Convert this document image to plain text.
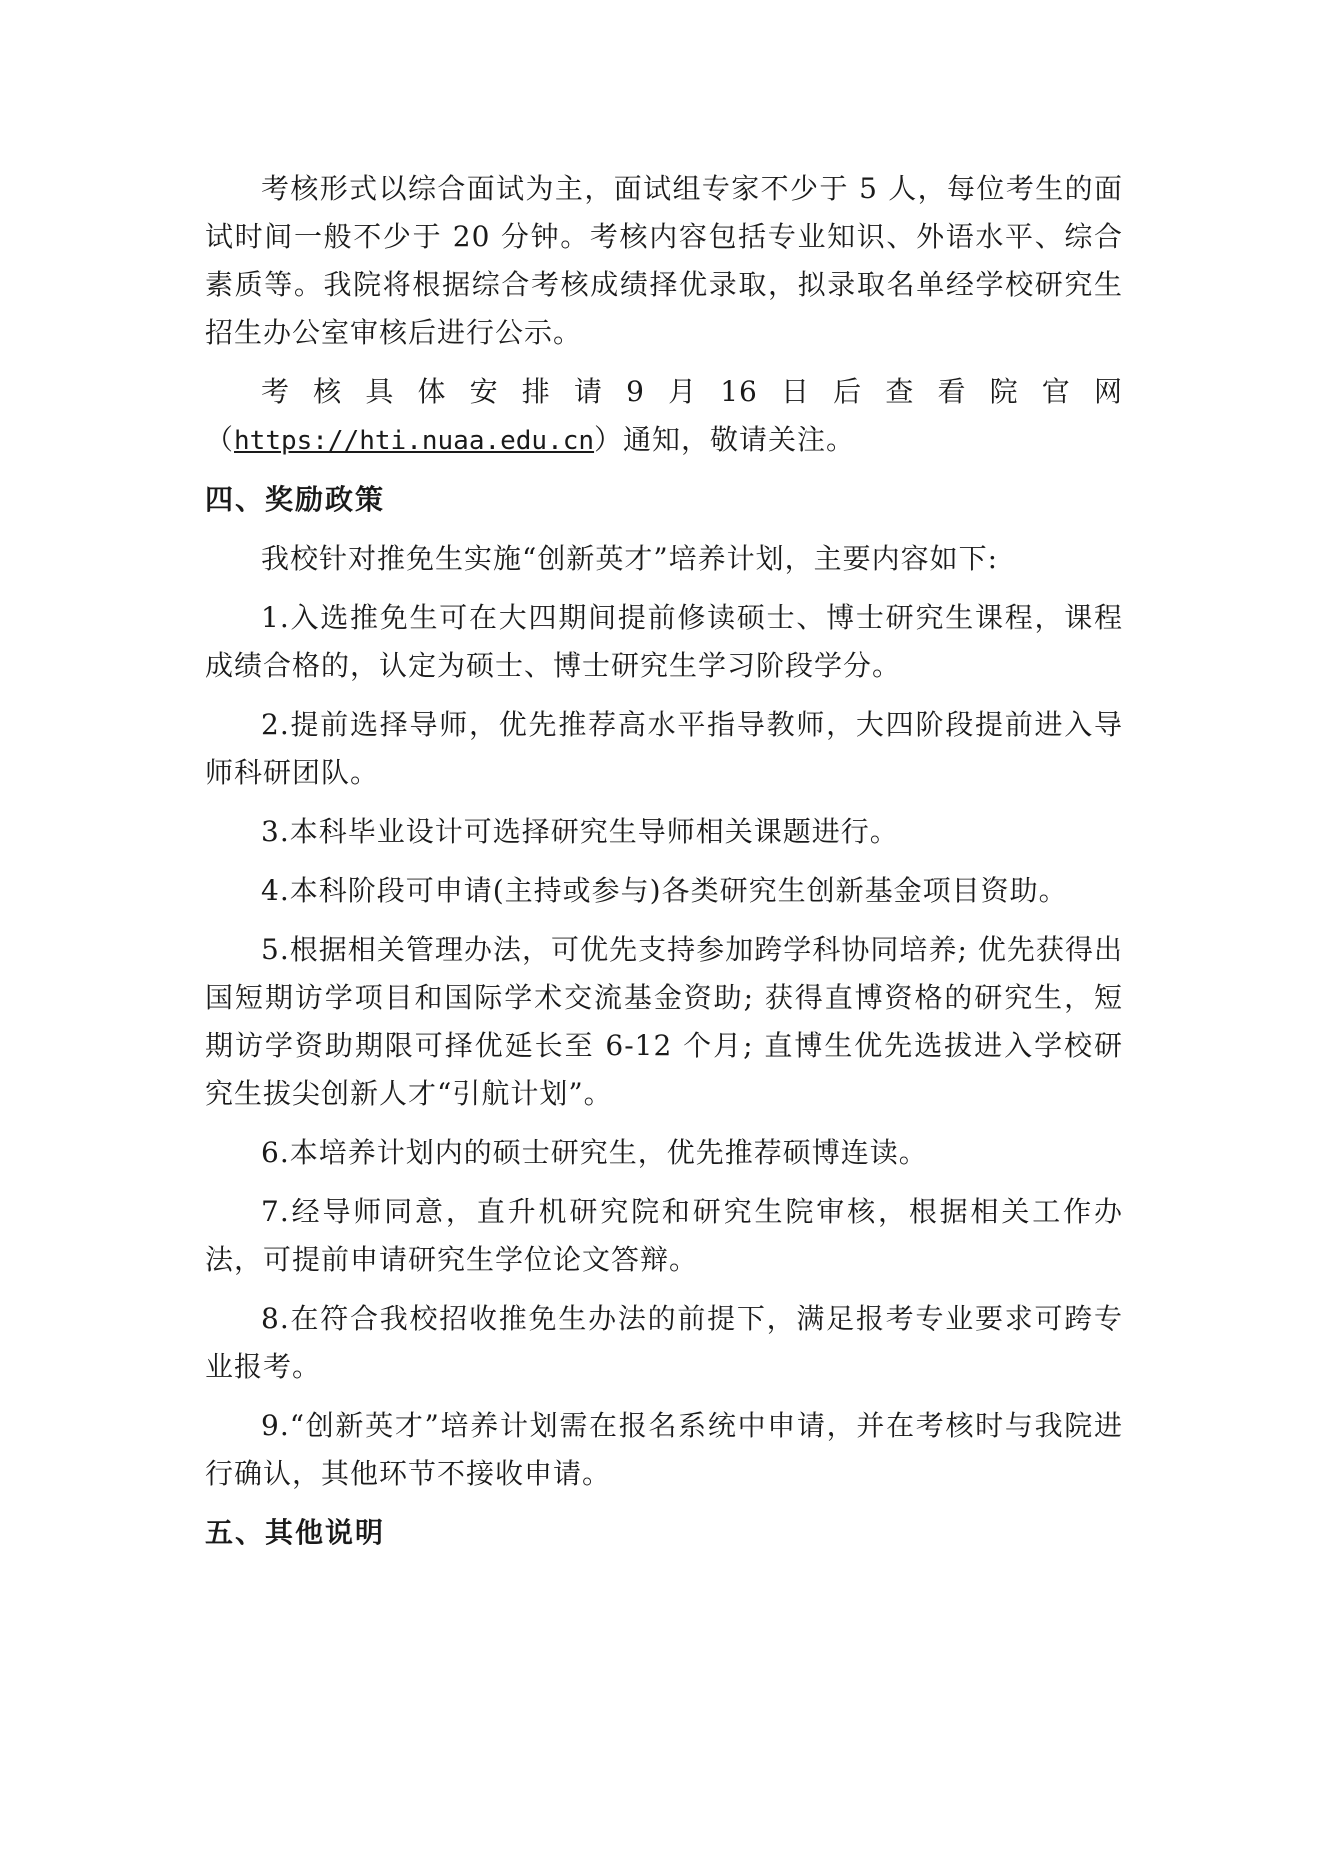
考核形式以综合面试为主，面试组专家不少于 5 人，每位考生的面试时间一般不少于 20 分钟。考核内容包括专业知识、外语水平、综合素质等。我院将根据综合考核成绩择优录取，拟录取名单经学校研究生招生办公室审核后进行公示。

考 核 具 体 安 排 请 9 月 16 日 后 查 看 院 官 网

（https://hti.nuaa.edu.cn）通知，敬请关注。

四、奖励政策

我校针对推免生实施“创新英才”培养计划，主要内容如下:

1.入选推免生可在大四期间提前修读硕士、博士研究生课程，课程成绩合格的，认定为硕士、博士研究生学习阶段学分。

2.提前选择导师，优先推荐高水平指导教师，大四阶段提前进入导师科研团队。

3.本科毕业设计可选择研究生导师相关课题进行。

4.本科阶段可申请(主持或参与)各类研究生创新基金项目资助。

5.根据相关管理办法，可优先支持参加跨学科协同培养; 优先获得出国短期访学项目和国际学术交流基金资助; 获得直博资格的研究生，短期访学资助期限可择优延长至 6-12 个月; 直博生优先选拔进入学校研究生拔尖创新人才“引航计划”。

6.本培养计划内的硕士研究生，优先推荐硕博连读。

7.经导师同意，直升机研究院和研究生院审核，根据相关工作办法，可提前申请研究生学位论文答辩。

8.在符合我校招收推免生办法的前提下，满足报考专业要求可跨专业报考。

9.“创新英才”培养计划需在报名系统中申请，并在考核时与我院进行确认，其他环节不接收申请。

五、其他说明
